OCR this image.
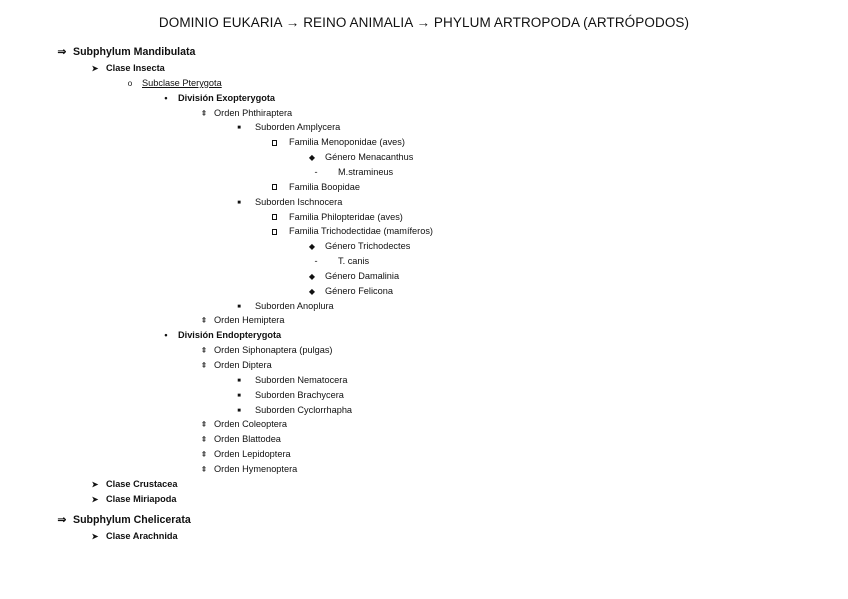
DOMINIO EUKARIA → REINO ANIMALIA → PHYLUM ARTROPODA (ARTRÓPODOS)
⇒ Subphylum Mandibulata
➤ Clase Insecta
o Subclase Pterygota
• División Exopterygota
⇞ Orden Phthiraptera
■ Suborden Amplycera
Familia Menoponidae (aves)
◆ Género Menacanthus
- M.stramineus
Familia Boopidae
■ Suborden Ischnocera
Familia Philopteridae (aves)
Familia Trichodectidae (mamíferos)
◆ Género Trichodectes
- T. canis
◆ Género Damalinia
◆ Género Felicona
■ Suborden Anoplura
⇞ Orden Hemiptera
• División Endopterygota
⇞ Orden Siphonaptera (pulgas)
⇞ Orden Diptera
■ Suborden Nematocera
■ Suborden Brachycera
■ Suborden Cyclorrhapha
⇞ Orden Coleoptera
⇞ Orden Blattodea
⇞ Orden Lepidoptera
⇞ Orden Hymenoptera
➤ Clase Crustacea
➤ Clase Miriapoda
⇒ Subphylum Chelicerata
➤ Clase Arachnida
